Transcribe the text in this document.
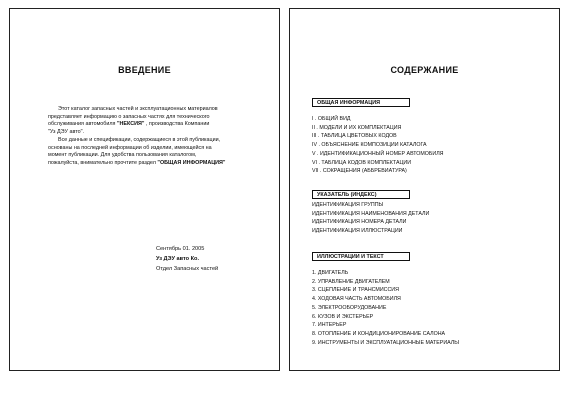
ВВЕДЕНИЕ
Этот каталог запасных частей и эксплуатационных материалов
представляет информацию о запасных частях для технического
обслуживания автомобиля "НЕКСИЯ" , производства Компании
"Уз ДЭУ авто".
Все данные и спецификации, содержащиеся в этой публикации,
основаны на последней информации об изделии, имеющейся на
момент публикации. Для удобства пользования каталогом,
пожалуйста, внимательно прочтите раздел "ОБЩАЯ ИНФОРМАЦИЯ"
Сентябрь 01. 2005
Уз ДЭУ авто Ко.
Отдел Запасных частей
СОДЕРЖАНИЕ
ОБЩАЯ ИНФОРМАЦИЯ
I . ОБЩИЙ ВИД
II . МОДЕЛИ И ИХ КОМПЛЕКТАЦИЯ
III . ТАБЛИЦА ЦВЕТОВЫХ КОДОВ
IV . ОБЪЯСНЕНИЕ КОМПОЗИЦИИ КАТАЛОГА
V . ИДЕНТИФИКАЦИОННЫЙ НОМЕР АВТОМОБИЛЯ
VI . ТАБЛИЦА КОДОВ КОМПЛЕКТАЦИИ
VII . СОКРАЩЕНИЯ (АББРЕВИАТУРА)
УКАЗАТЕЛЬ (ИНДЕКС)
ИДЕНТИФИКАЦИЯ ГРУППЫ
ИДЕНТИФИКАЦИЯ НАИМЕНОВАНИЯ ДЕТАЛИ
ИДЕНТИФИКАЦИЯ НОМЕРА ДЕТАЛИ
ИДЕНТИФИКАЦИЯ ИЛЛЮСТРАЦИИ
ИЛЛЮСТРАЦИИ И ТЕКСТ
1. ДВИГАТЕЛЬ
2. УПРАВЛЕНИЕ ДВИГАТЕЛЕМ
3. СЦЕПЛЕНИЕ И ТРАНСМИССИЯ
4. ХОДОВАЯ ЧАСТЬ АВТОМОБИЛЯ
5. ЭЛЕКТРООБОРУДОВАНИЕ
6. КУЗОВ И ЭКСТЕРЬЕР
7. ИНТЕРЬЕР
8. ОТОПЛЕНИЕ И КОНДИЦИОНИРОВАНИЕ САЛОНА
9. ИНСТРУМЕНТЫ И ЭКСПЛУАТАЦИОННЫЕ МАТЕРИАЛЫ
